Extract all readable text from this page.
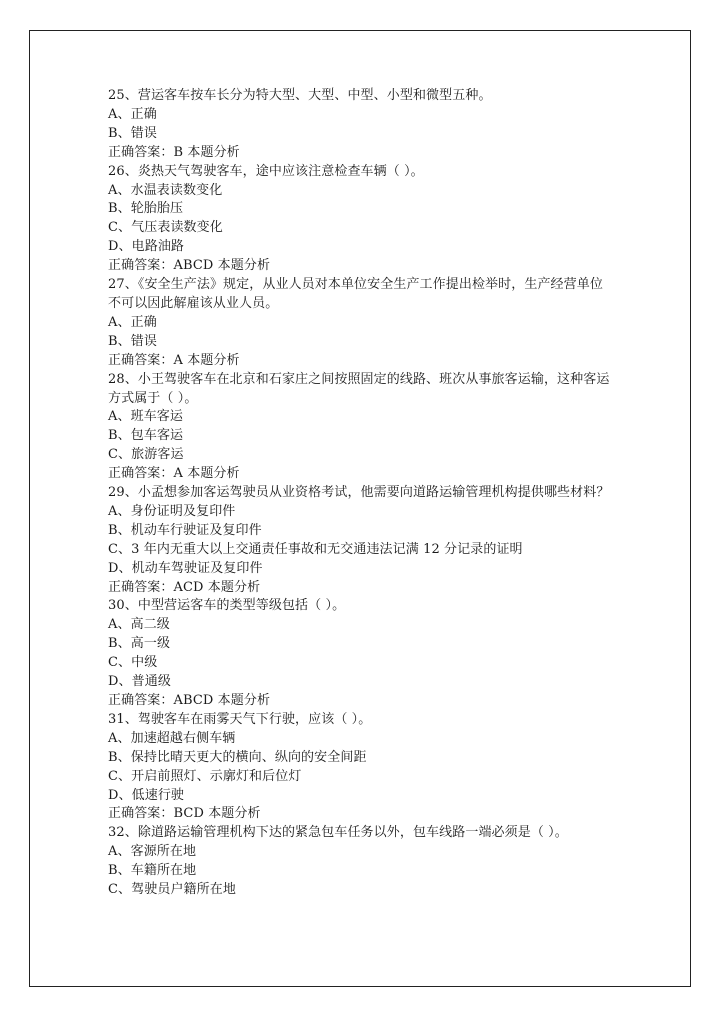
25、营运客车按车长分为特大型、大型、中型、小型和微型五种。

A、正确

B、错误

正确答案：B 本题分析

26、炎热天气驾驶客车，途中应该注意检查车辆（ ）。

A、水温表读数变化

B、轮胎胎压

C、气压表读数变化

D、电路油路

正确答案：ABCD 本题分析

27、《安全生产法》规定，从业人员对本单位安全生产工作提出检举时，生产经营单位不可以因此解雇该从业人员。

A、正确

B、错误

正确答案：A 本题分析

28、小王驾驶客车在北京和石家庄之间按照固定的线路、班次从事旅客运输，这种客运方式属于（ ）。

A、班车客运

B、包车客运

C、旅游客运

正确答案：A 本题分析

29、小孟想参加客运驾驶员从业资格考试，他需要向道路运输管理机构提供哪些材料？

A、身份证明及复印件

B、机动车行驶证及复印件

C、3 年内无重大以上交通责任事故和无交通违法记满 12 分记录的证明

D、机动车驾驶证及复印件

正确答案：ACD 本题分析

30、中型营运客车的类型等级包括（ ）。

A、高二级

B、高一级

C、中级

D、普通级

正确答案：ABCD 本题分析

31、驾驶客车在雨雾天气下行驶，应该（ ）。

A、加速超越右侧车辆

B、保持比晴天更大的横向、纵向的安全间距

C、开启前照灯、示廓灯和后位灯

D、低速行驶

正确答案：BCD 本题分析

32、除道路运输管理机构下达的紧急包车任务以外，包车线路一端必须是（ ）。

A、客源所在地

B、车籍所在地

C、驾驶员户籍所在地
